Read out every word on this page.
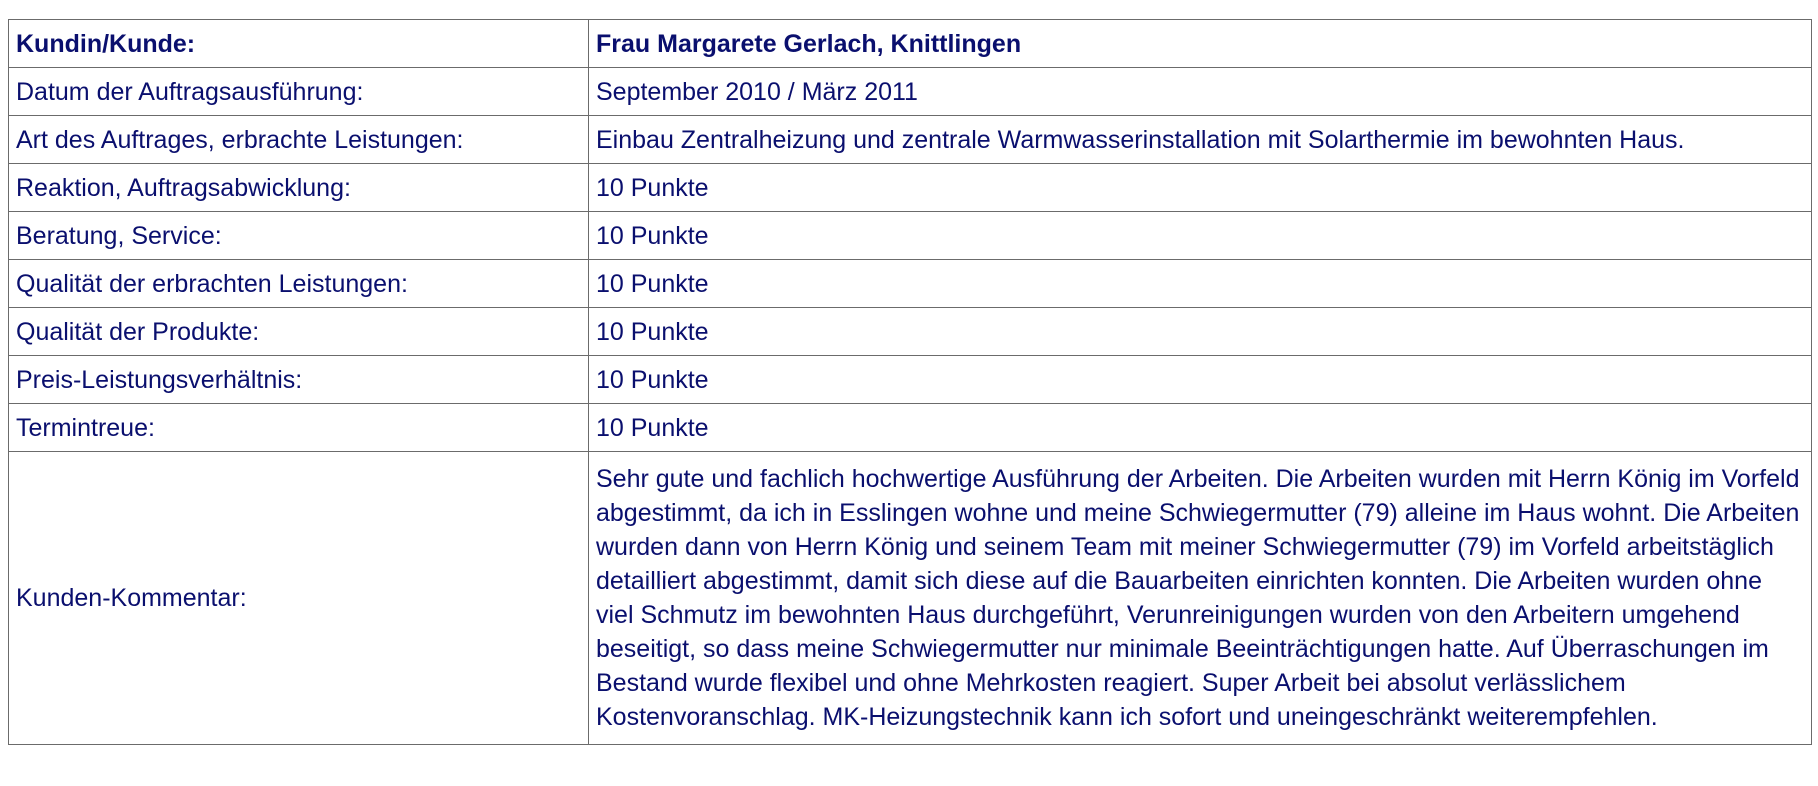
Kundin/Kunde:	Frau Margarete Gerlach, Knittlingen
Datum der Auftragsausführung:	September 2010 / März 2011
Art des Auftrages, erbrachte Leistungen:	Einbau Zentralheizung und zentrale Warmwasserinstallation mit Solarthermie im bewohnten Haus.
Reaktion, Auftragsabwicklung:	10 Punkte
Beratung, Service:	10 Punkte
Qualität der erbrachten Leistungen:	10 Punkte
Qualität der Produkte:	10 Punkte
Preis-Leistungsverhältnis:	10 Punkte
Termintreue:	10 Punkte
Kunden-Kommentar:	Sehr gute und fachlich hochwertige Ausführung der Arbeiten. Die Arbeiten wurden mit Herrn König im Vorfeld abgestimmt, da ich in Esslingen wohne und meine Schwiegermutter (79) alleine im Haus wohnt. Die Arbeiten wurden dann von Herrn König und seinem Team mit meiner Schwiegermutter (79) im Vorfeld arbeitstäglich detailliert abgestimmt, damit sich diese auf die Bauarbeiten einrichten konnten. Die Arbeiten wurden ohne viel Schmutz im bewohnten Haus durchgeführt, Verunreinigungen wurden von den Arbeitern umgehend beseitigt, so dass meine Schwiegermutter nur minimale Beeinträchtigungen hatte. Auf Überraschungen im Bestand wurde flexibel und ohne Mehrkosten reagiert. Super Arbeit bei absolut verlässlichem Kostenvoranschlag. MK-Heizungstechnik kann ich sofort und uneingeschränkt weiterempfehlen.
